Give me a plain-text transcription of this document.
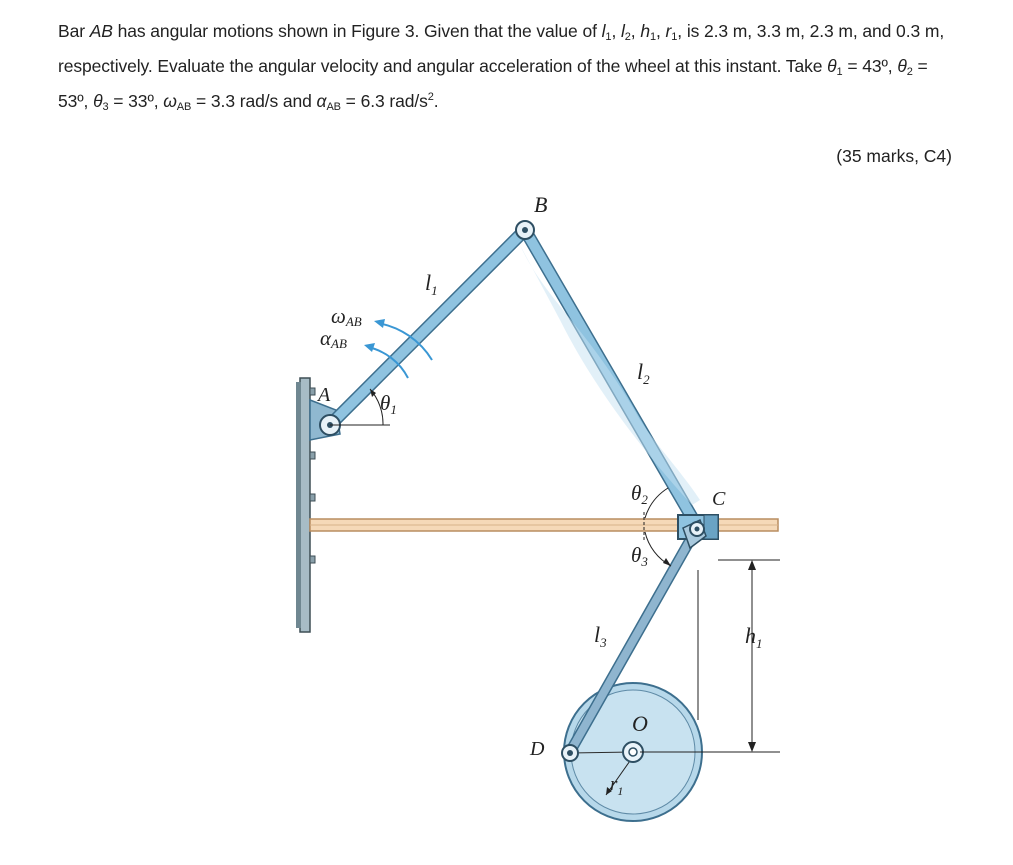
Bar AB has angular motions shown in Figure 3. Given that the value of $l_1$, $l_2$, $h_1$, $r_1$, is 2.3 m, 3.3 m, 2.3 m, and 0.3 m, respectively. Evaluate the angular velocity and angular acceleration of the wheel at this instant. Take $\theta_1$ = 43º, $\theta_2$ = 53º, $\theta_3$ = 33º, $\omega_{AB} = 3.3$ rad/s and $\alpha_{AB} = 6.3$ rad/$s^2$.
(35 marks, C4)
B
A
C
D
O
$l_1$
$l_2$
$l_3$	$h_1$
$r_1$
ωAB
αAB
θ1
θ2
θ3
